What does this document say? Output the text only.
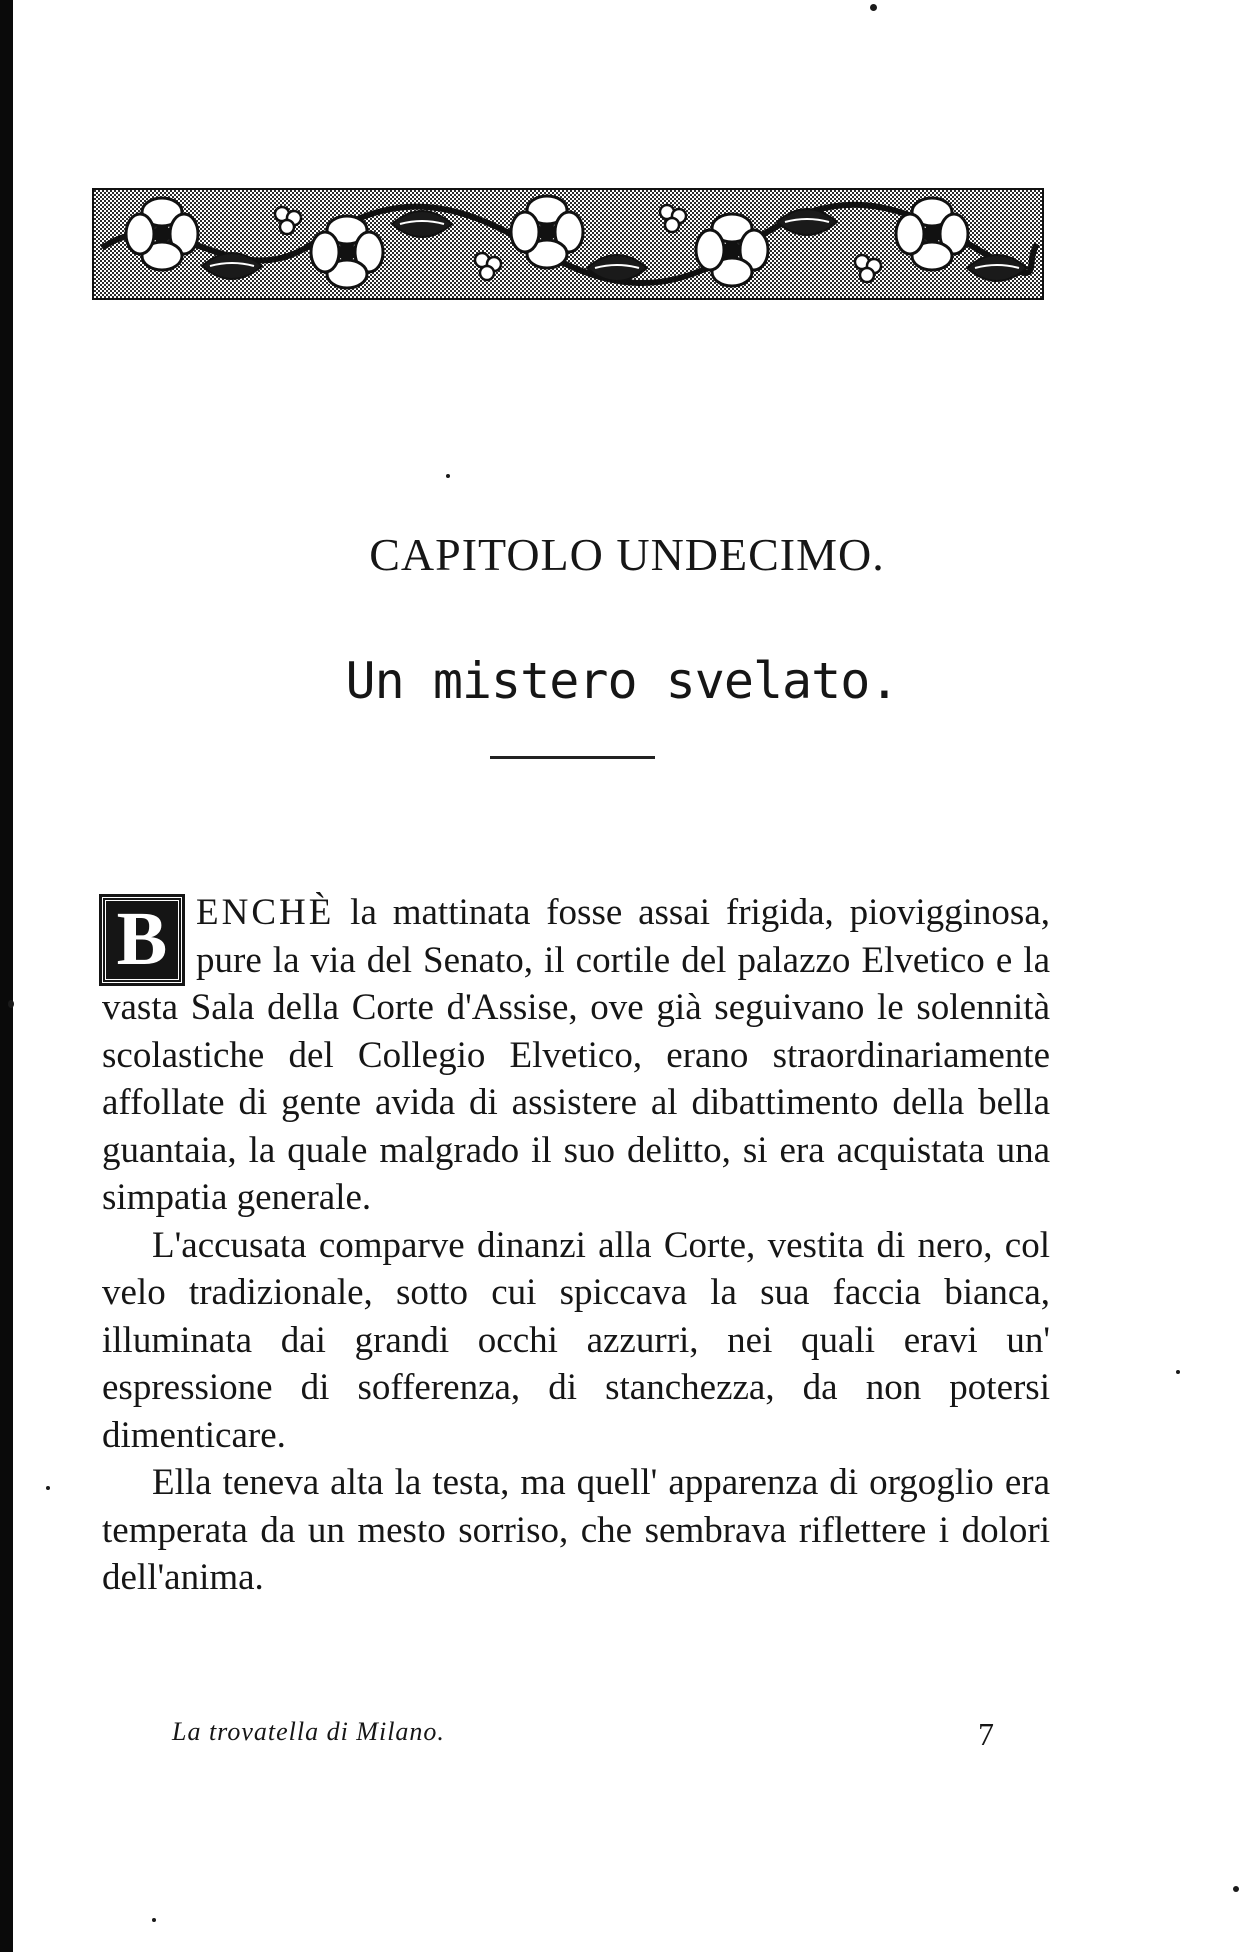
CAPITOLO UNDECIMO.
Un mistero svelato.

B ENCHÈ la mattinata fosse assai frigida, piovigginosa, pure la via del Senato, il cortile del palazzo Elvetico e la vasta Sala della Corte d'Assise, ove già seguivano le solennità scolastiche del Collegio Elvetico, erano straordinariamente affollate di gente avida di assistere al dibattimento della bella guantaia, la quale malgrado il suo delitto, si era acquistata una simpatia generale.

L'accusata comparve dinanzi alla Corte, vestita di nero, col velo tradizionale, sotto cui spiccava la sua faccia bianca, illuminata dai grandi occhi azzurri, nei quali eravi un' espressione di sofferenza, di stanchezza, da non potersi dimenticare.

Ella teneva alta la testa, ma quell' apparenza di orgoglio era temperata da un mesto sorriso, che sembrava riflettere i dolori dell'anima.

La trovatella di Milano.	7
